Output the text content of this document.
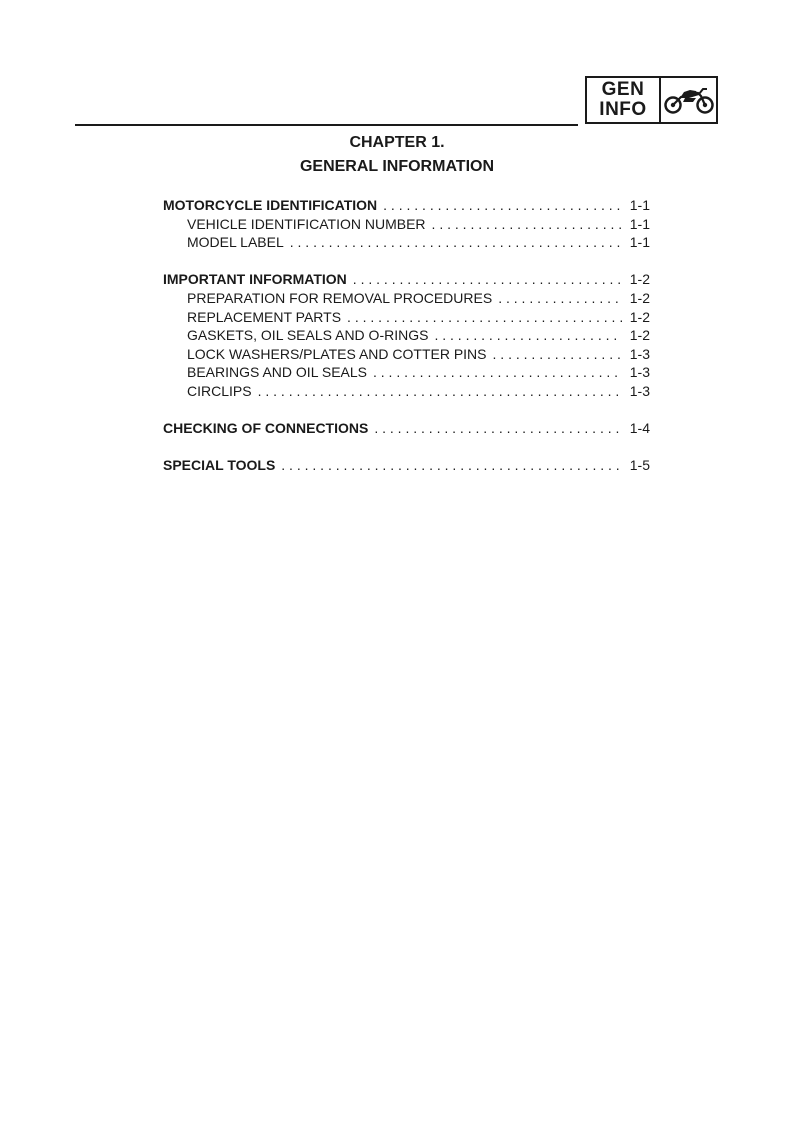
GEN
INFO
CHAPTER 1.
GENERAL INFORMATION
MOTORCYCLE IDENTIFICATION . . .	1-1
VEHICLE IDENTIFICATION NUMBER . . .	1-1
MODEL LABEL . . .	1-1
IMPORTANT INFORMATION . . .	1-2
PREPARATION FOR REMOVAL PROCEDURES . . .	1-2
REPLACEMENT PARTS . . .	1-2
GASKETS, OIL SEALS AND O-RINGS . . .	1-2
LOCK WASHERS/PLATES AND COTTER PINS . . .	1-3
BEARINGS AND OIL SEALS . . .	1-3
CIRCLIPS . . .	1-3
CHECKING OF CONNECTIONS . . .	1-4
SPECIAL TOOLS . . .	1-5
